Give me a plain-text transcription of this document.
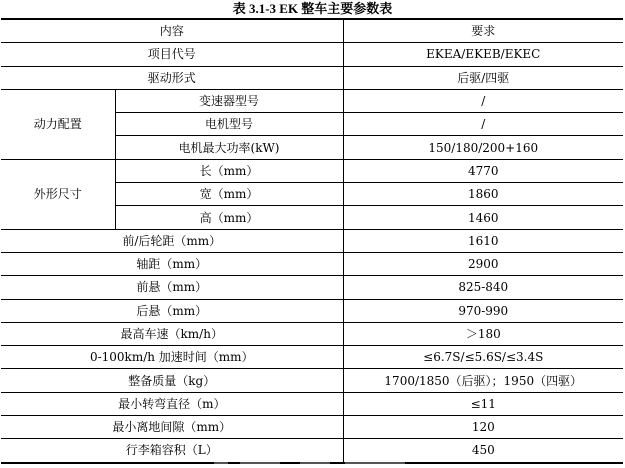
表 3.1-3 EK 整车主要参数表
内容		要求
项目代号		EKEA/EKEB/EKEC
驱动形式		后驱/四驱
动力配置	变速器型号	/
	电机型号	/
	电机最大功率(kW)	150/180/200+160
外形尺寸	长（mm）	4770
	宽（mm）	1860
	高（mm）	1460
前/后轮距（mm）		1610
轴距（mm）		2900
前悬（mm）		825-840
后悬（mm）		970-990
最高车速（km/h）		＞180
0-100km/h 加速时间（mm）		≤6.7S/≤5.6S/≤3.4S
整备质量（kg）		1700/1850（后驱）；1950（四驱）
最小转弯直径（m）		≤11
最小离地间隙（mm）		120
行李箱容积（L）		450
